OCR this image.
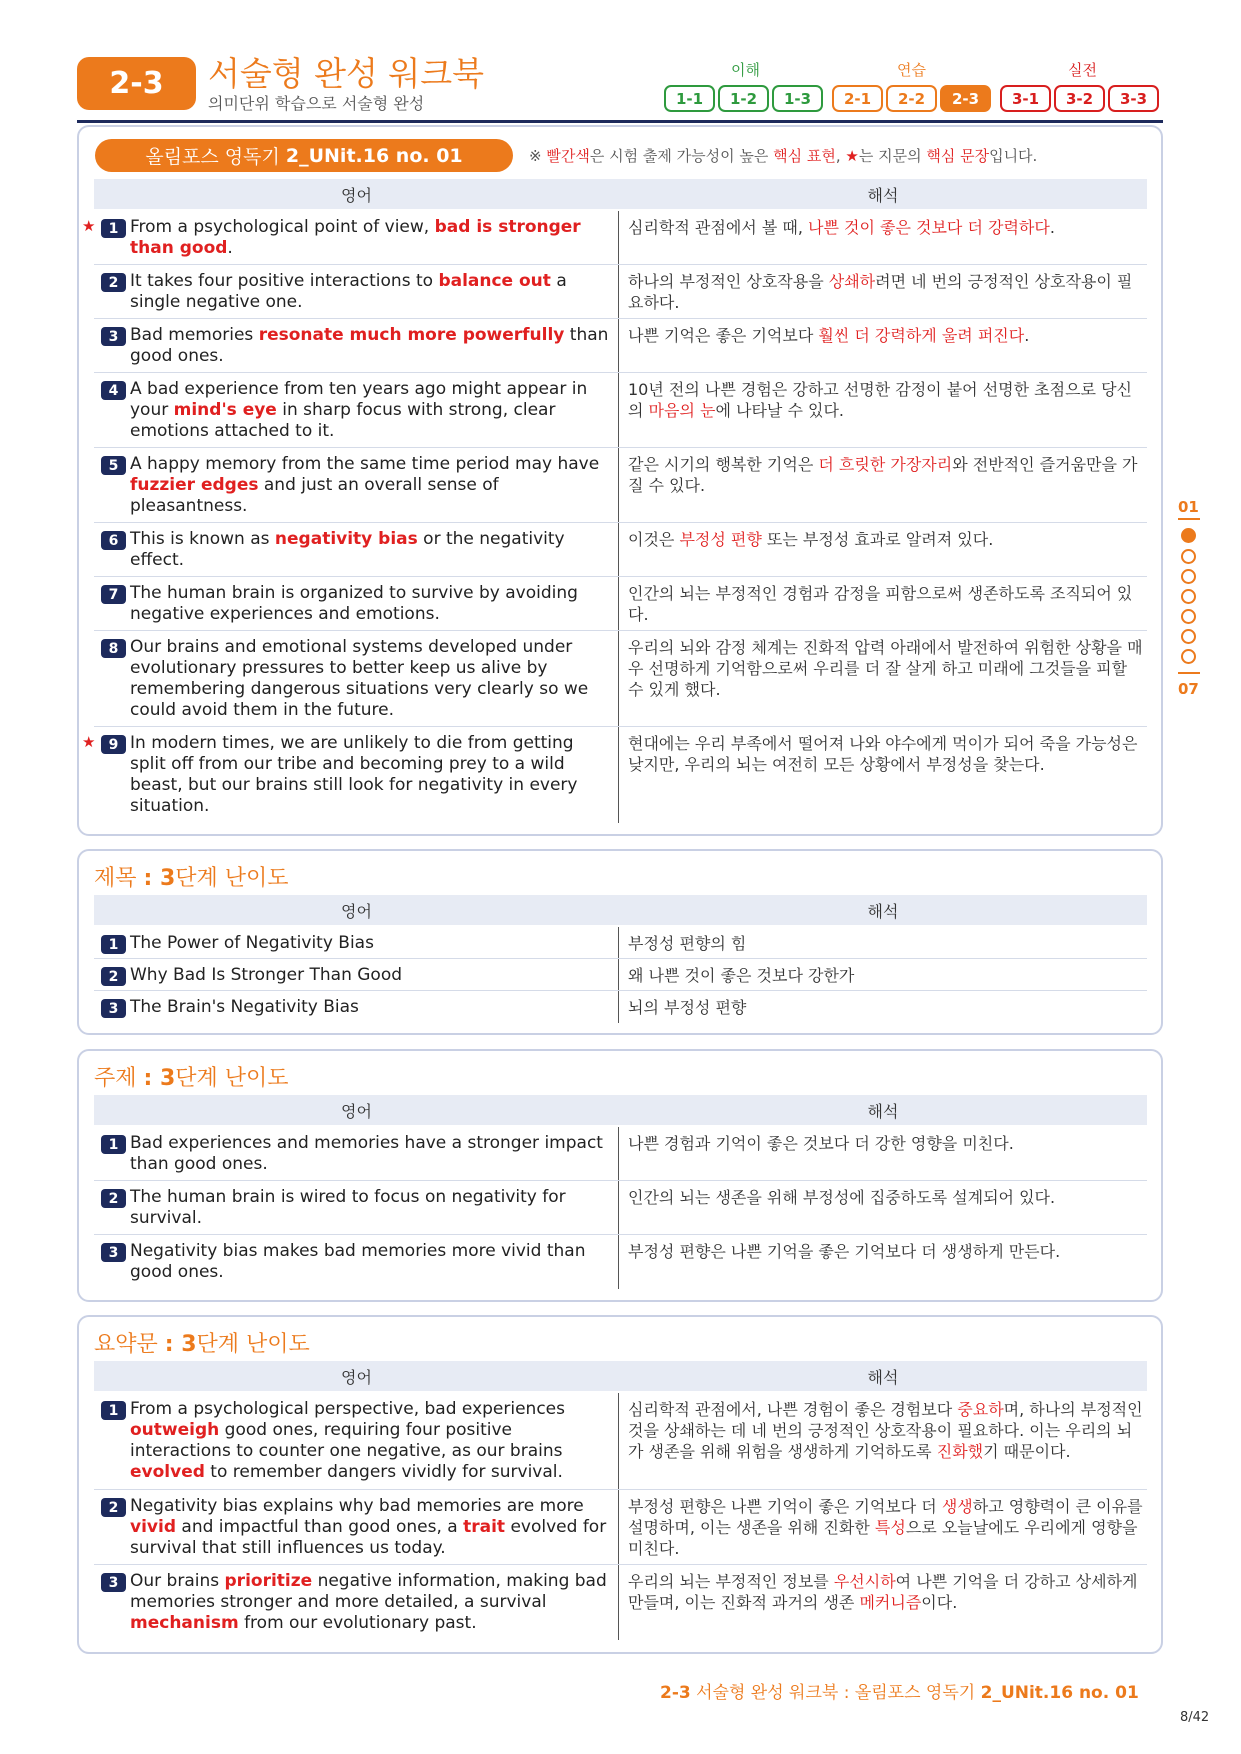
2-3	서술형 완성 워크북
의미단위 학습으로 서술형 완성
이해	연습	실전
1-1	1-2	1-3	2-1	2-2	2-3	3-1	3-2	3-3
올림포스 영독기 2_UNit.16 no. 01	※ 빨간색은 시험 출제 가능성이 높은 핵심 표현, ★는 지문의 핵심 문장입니다.
영어	해석
★ 1 From a psychological point of view, bad is stronger than good.
심리학적 관점에서 볼 때, 나쁜 것이 좋은 것보다 더 강력하다.
2 It takes four positive interactions to balance out a single negative one.
하나의 부정적인 상호작용을 상쇄하려면 네 번의 긍정적인 상호작용이 필요하다.
3 Bad memories resonate much more powerfully than good ones.
나쁜 기억은 좋은 기억보다 훨씬 더 강력하게 울려 퍼진다.
4 A bad experience from ten years ago might appear in your mind's eye in sharp focus with strong, clear emotions attached to it.
10년 전의 나쁜 경험은 강하고 선명한 감정이 붙어 선명한 초점으로 당신의 마음의 눈에 나타날 수 있다.
5 A happy memory from the same time period may have fuzzier edges and just an overall sense of pleasantness.
같은 시기의 행복한 기억은 더 흐릿한 가장자리와 전반적인 즐거움만을 가질 수 있다.
6 This is known as negativity bias or the negativity effect.
이것은 부정성 편향 또는 부정성 효과로 알려져 있다.
7 The human brain is organized to survive by avoiding negative experiences and emotions.
인간의 뇌는 부정적인 경험과 감정을 피함으로써 생존하도록 조직되어 있다.
8 Our brains and emotional systems developed under evolutionary pressures to better keep us alive by remembering dangerous situations very clearly so we could avoid them in the future.
우리의 뇌와 감정 체계는 진화적 압력 아래에서 발전하여 위험한 상황을 매우 선명하게 기억함으로써 우리를 더 잘 살게 하고 미래에 그것들을 피할 수 있게 했다.
★ 9 In modern times, we are unlikely to die from getting split off from our tribe and becoming prey to a wild beast, but our brains still look for negativity in every situation.
현대에는 우리 부족에서 떨어져 나와 야수에게 먹이가 되어 죽을 가능성은 낮지만, 우리의 뇌는 여전히 모든 상황에서 부정성을 찾는다.
제목 : 3단계 난이도
영어	해석
1 The Power of Negativity Bias	부정성 편향의 힘
2 Why Bad Is Stronger Than Good	왜 나쁜 것이 좋은 것보다 강한가
3 The Brain's Negativity Bias	뇌의 부정성 편향
주제 : 3단계 난이도
영어	해석
1 Bad experiences and memories have a stronger impact than good ones.
나쁜 경험과 기억이 좋은 것보다 더 강한 영향을 미친다.
2 The human brain is wired to focus on negativity for survival.
인간의 뇌는 생존을 위해 부정성에 집중하도록 설계되어 있다.
3 Negativity bias makes bad memories more vivid than good ones.
부정성 편향은 나쁜 기억을 좋은 기억보다 더 생생하게 만든다.
요약문 : 3단계 난이도
영어	해석
1 From a psychological perspective, bad experiences outweigh good ones, requiring four positive interactions to counter one negative, as our brains evolved to remember dangers vividly for survival.
심리학적 관점에서, 나쁜 경험이 좋은 경험보다 중요하며, 하나의 부정적인 것을 상쇄하는 데 네 번의 긍정적인 상호작용이 필요하다. 이는 우리의 뇌가 생존을 위해 위험을 생생하게 기억하도록 진화했기 때문이다.
2 Negativity bias explains why bad memories are more vivid and impactful than good ones, a trait evolved for survival that still influences us today.
부정성 편향은 나쁜 기억이 좋은 기억보다 더 생생하고 영향력이 큰 이유를 설명하며, 이는 생존을 위해 진화한 특성으로 오늘날에도 우리에게 영향을 미친다.
3 Our brains prioritize negative information, making bad memories stronger and more detailed, a survival mechanism from our evolutionary past.
우리의 뇌는 부정적인 정보를 우선시하여 나쁜 기억을 더 강하고 상세하게 만들며, 이는 진화적 과거의 생존 메커니즘이다.
01
07
2-3 서술형 완성 워크북 : 올림포스 영독기 2_UNit.16 no. 01
8/42
